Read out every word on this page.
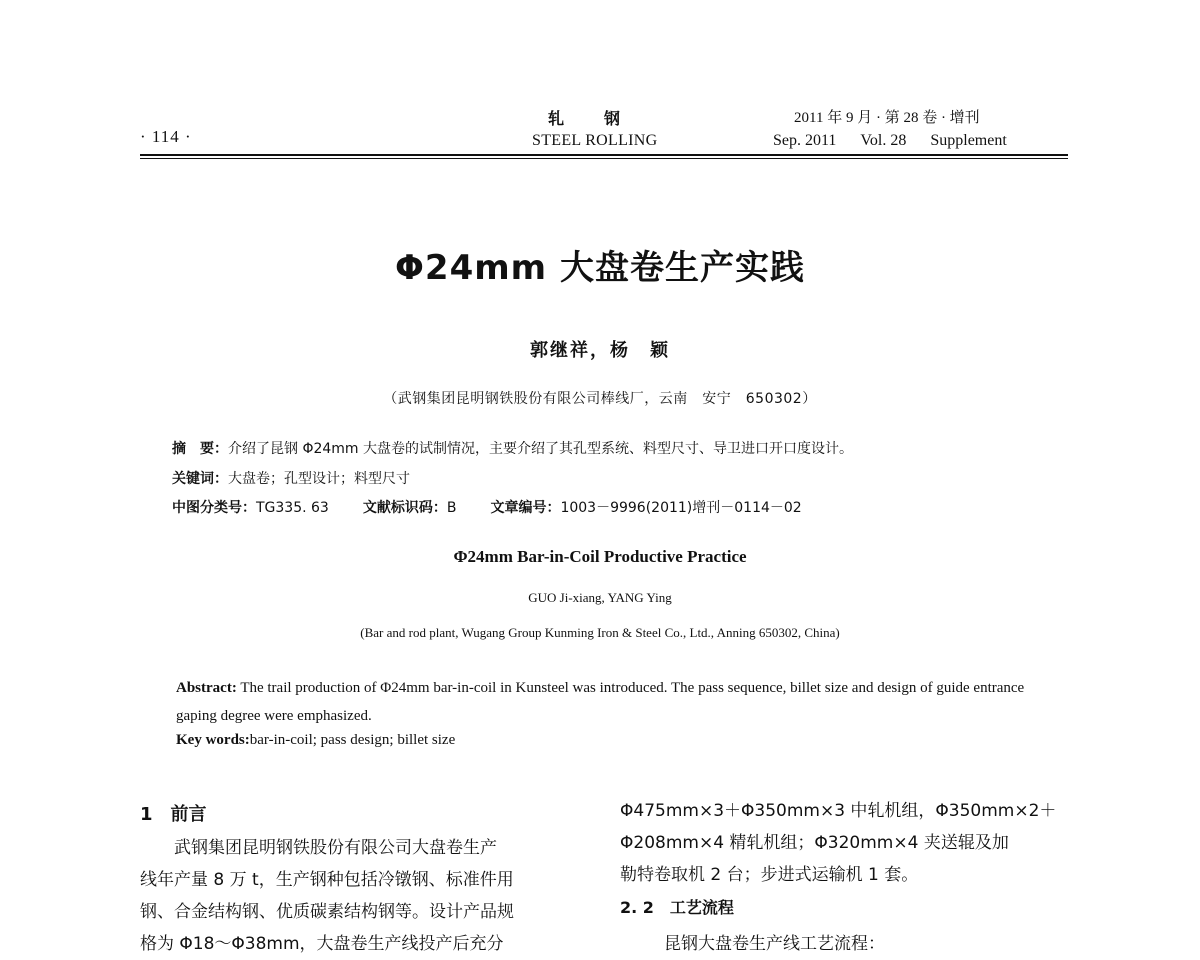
· 114 ·
轧钢
STEEL ROLLING
2011 年 9 月 · 第 28 卷 · 增刊
Sep. 2011 Vol. 28 Supplement
Φ24mm 大盘卷生产实践
郭继祥，杨　颖
（武钢集团昆明钢铁股份有限公司棒线厂，云南　安宁　650302）
摘　要：介绍了昆钢 Φ24mm 大盘卷的试制情况，主要介绍了其孔型系统、料型尺寸、导卫进口开口度设计。
关键词：大盘卷；孔型设计；料型尺寸
中图分类号：TG335. 63 文献标识码：B 文章编号：1003－9996(2011)增刊－0114－02
Φ24mm Bar-in-Coil Productive Practice
GUO Ji-xiang, YANG Ying
(Bar and rod plant, Wugang Group Kunming Iron & Steel Co., Ltd., Anning 650302, China)
Abstract: The trail production of Φ24mm bar-in-coil in Kunsteel was introduced. The pass sequence, billet size and design of guide entrance gaping degree were emphasized.
Key words:bar-in-coil; pass design; billet size
1　前言
武钢集团昆明钢铁股份有限公司大盘卷生产
线年产量 8 万 t，生产钢种包括冷镦钢、标准件用
钢、合金结构钢、优质碳素结构钢等。设计产品规
格为 Φ18～Φ38mm，大盘卷生产线投产后充分
Φ475mm×3＋Φ350mm×3 中轧机组，Φ350mm×2＋
Φ208mm×4 精轧机组；Φ320mm×4 夹送辊及加
勒特卷取机 2 台；步进式运输机 1 套。
2. 2　工艺流程
昆钢大盘卷生产线工艺流程：
